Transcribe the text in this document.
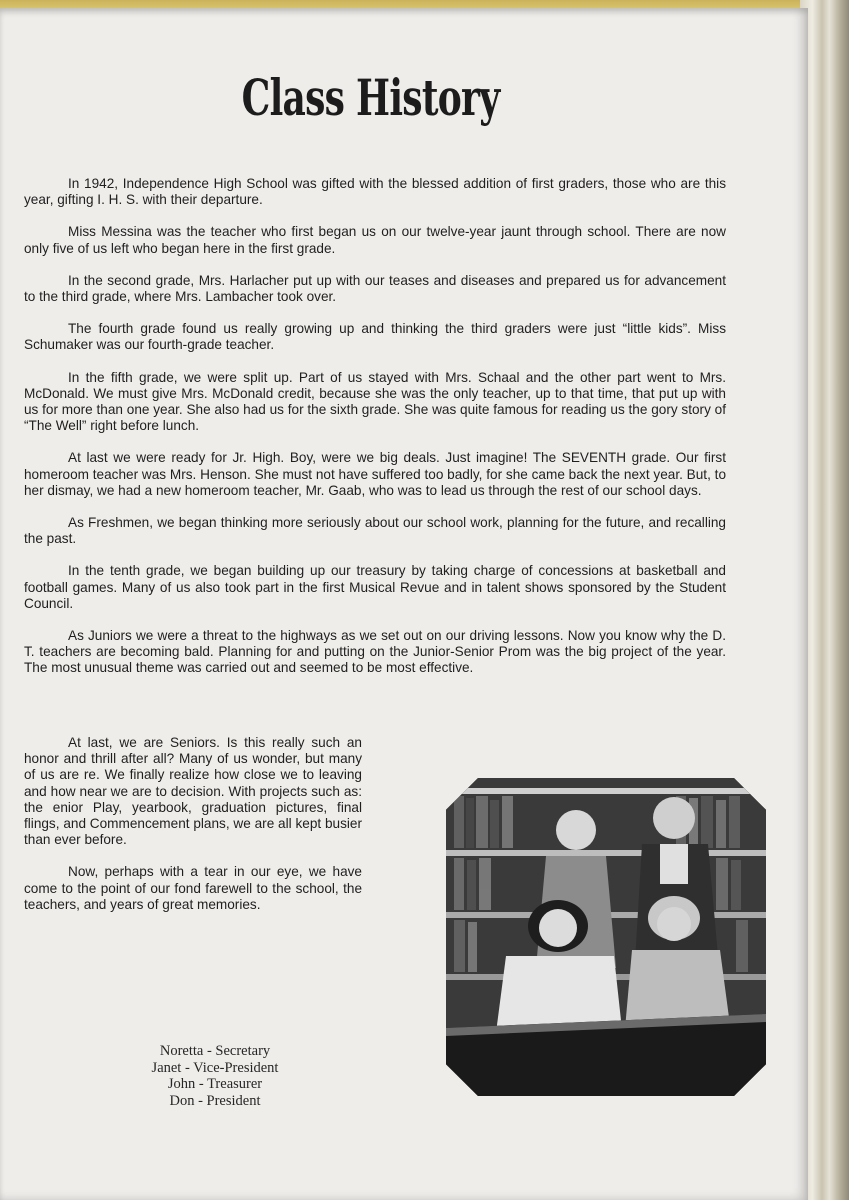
Class History

In 1942, Independence High School was gifted with the blessed addition of first graders, those who are this year, gifting I. H. S. with their departure.

Miss Messina was the teacher who first began us on our twelve-year jaunt through school. There are now only five of us left who began here in the first grade.

In the second grade, Mrs. Harlacher put up with our teases and diseases and prepared us for advancement to the third grade, where Mrs. Lambacher took over.

The fourth grade found us really growing up and thinking the third graders were just “little kids”. Miss Schumaker was our fourth-grade teacher.

In the fifth grade, we were split up. Part of us stayed with Mrs. Schaal and the other part went to Mrs. McDonald. We must give Mrs. McDonald credit, because she was the only teacher, up to that time, that put up with us for more than one year. She also had us for the sixth grade. She was quite famous for reading us the gory story of “The Well” right before lunch.

At last we were ready for Jr. High. Boy, were we big deals. Just imagine! The SEVENTH grade. Our first homeroom teacher was Mrs. Henson. She must not have suffered too badly, for she came back the next year. But, to her dismay, we had a new homeroom teacher, Mr. Gaab, who was to lead us through the rest of our school days.

As Freshmen, we began thinking more seriously about our school work, planning for the future, and recalling the past.

In the tenth grade, we began building up our treasury by taking charge of concessions at basketball and football games. Many of us also took part in the first Musical Revue and in talent shows sponsored by the Student Council.

As Juniors we were a threat to the highways as we set out on our driving lessons. Now you know why the D. T. teachers are becoming bald. Planning for and putting on the Junior-Senior Prom was the big project of the year. The most unusual theme was carried out and seemed to be most effective.

At last, we are Seniors. Is this really such an honor and thrill after all? Many of us wonder, but many of us are re. We finally realize how close we to leaving and how near we are to decision. With projects such as: the enior Play, yearbook, graduation pictures, final flings, and Commencement plans, we are all kept busier than ever before.

Now, perhaps with a tear in our eye, we have come to the point of our fond farewell to the school, the teachers, and years of great memories.

Noretta - Secretary
Janet - Vice-President
John - Treasurer
Don - President
